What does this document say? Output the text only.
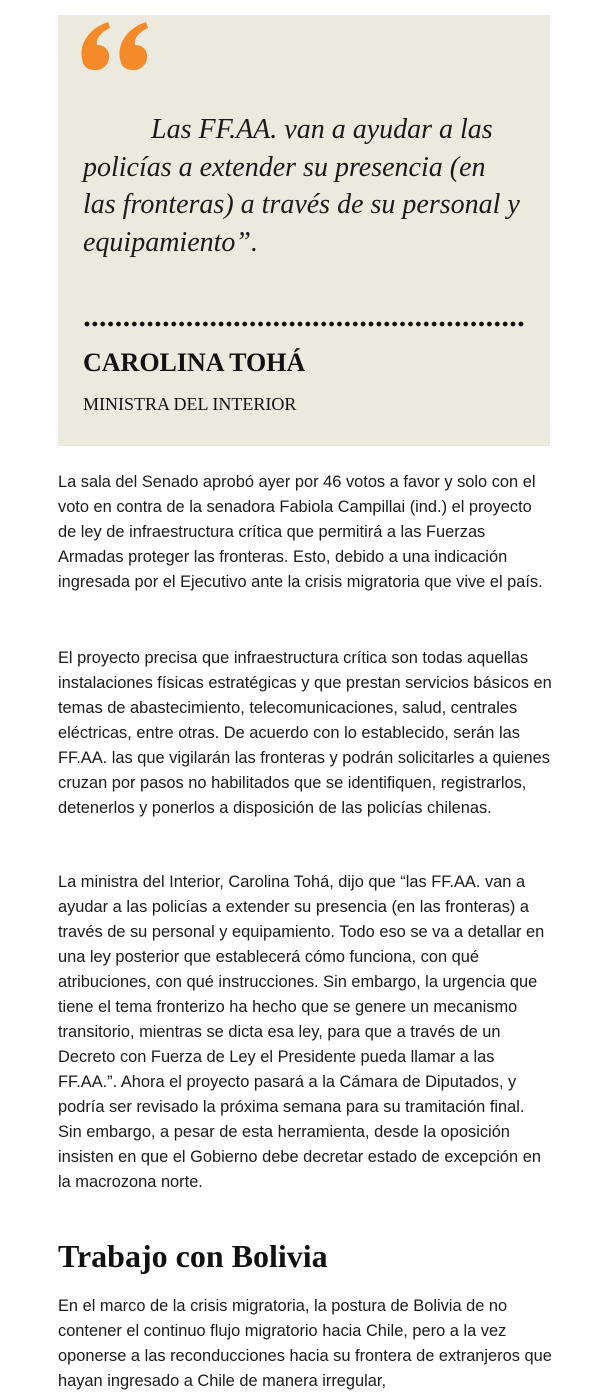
Las FF.AA. van a ayudar a las policías a extender su presencia (en las fronteras) a través de su personal y equipamiento”.

CAROLINA TOHÁ

MINISTRA DEL INTERIOR

La sala del Senado aprobó ayer por 46 votos a favor y solo con el voto en contra de la senadora Fabiola Campillai (ind.) el proyecto de ley de infraestructura crítica que permitirá a las Fuerzas Armadas proteger las fronteras. Esto, debido a una indicación ingresada por el Ejecutivo ante la crisis migratoria que vive el país.

El proyecto precisa que infraestructura crítica son todas aquellas instalaciones físicas estratégicas y que prestan servicios básicos en temas de abastecimiento, telecomunicaciones, salud, centrales eléctricas, entre otras. De acuerdo con lo establecido, serán las FF.AA. las que vigilarán las fronteras y podrán solicitarles a quienes cruzan por pasos no habilitados que se identifiquen, registrarlos, detenerlos y ponerlos a disposición de las policías chilenas.

La ministra del Interior, Carolina Tohá, dijo que “las FF.AA. van a ayudar a las policías a extender su presencia (en las fronteras) a través de su personal y equipamiento. Todo eso se va a detallar en una ley posterior que establecerá cómo funciona, con qué atribuciones, con qué instrucciones. Sin embargo, la urgencia que tiene el tema fronterizo ha hecho que se genere un mecanismo transitorio, mientras se dicta esa ley, para que a través de un Decreto con Fuerza de Ley el Presidente pueda llamar a las FF.AA.”. Ahora el proyecto pasará a la Cámara de Diputados, y podría ser revisado la próxima semana para su tramitación final. Sin embargo, a pesar de esta herramienta, desde la oposición insisten en que el Gobierno debe decretar estado de excepción en la macrozona norte.

Trabajo con Bolivia

En el marco de la crisis migratoria, la postura de Bolivia de no contener el continuo flujo migratorio hacia Chile, pero a la vez oponerse a las reconducciones hacia su frontera de extranjeros que hayan ingresado a Chile de manera irregular,
